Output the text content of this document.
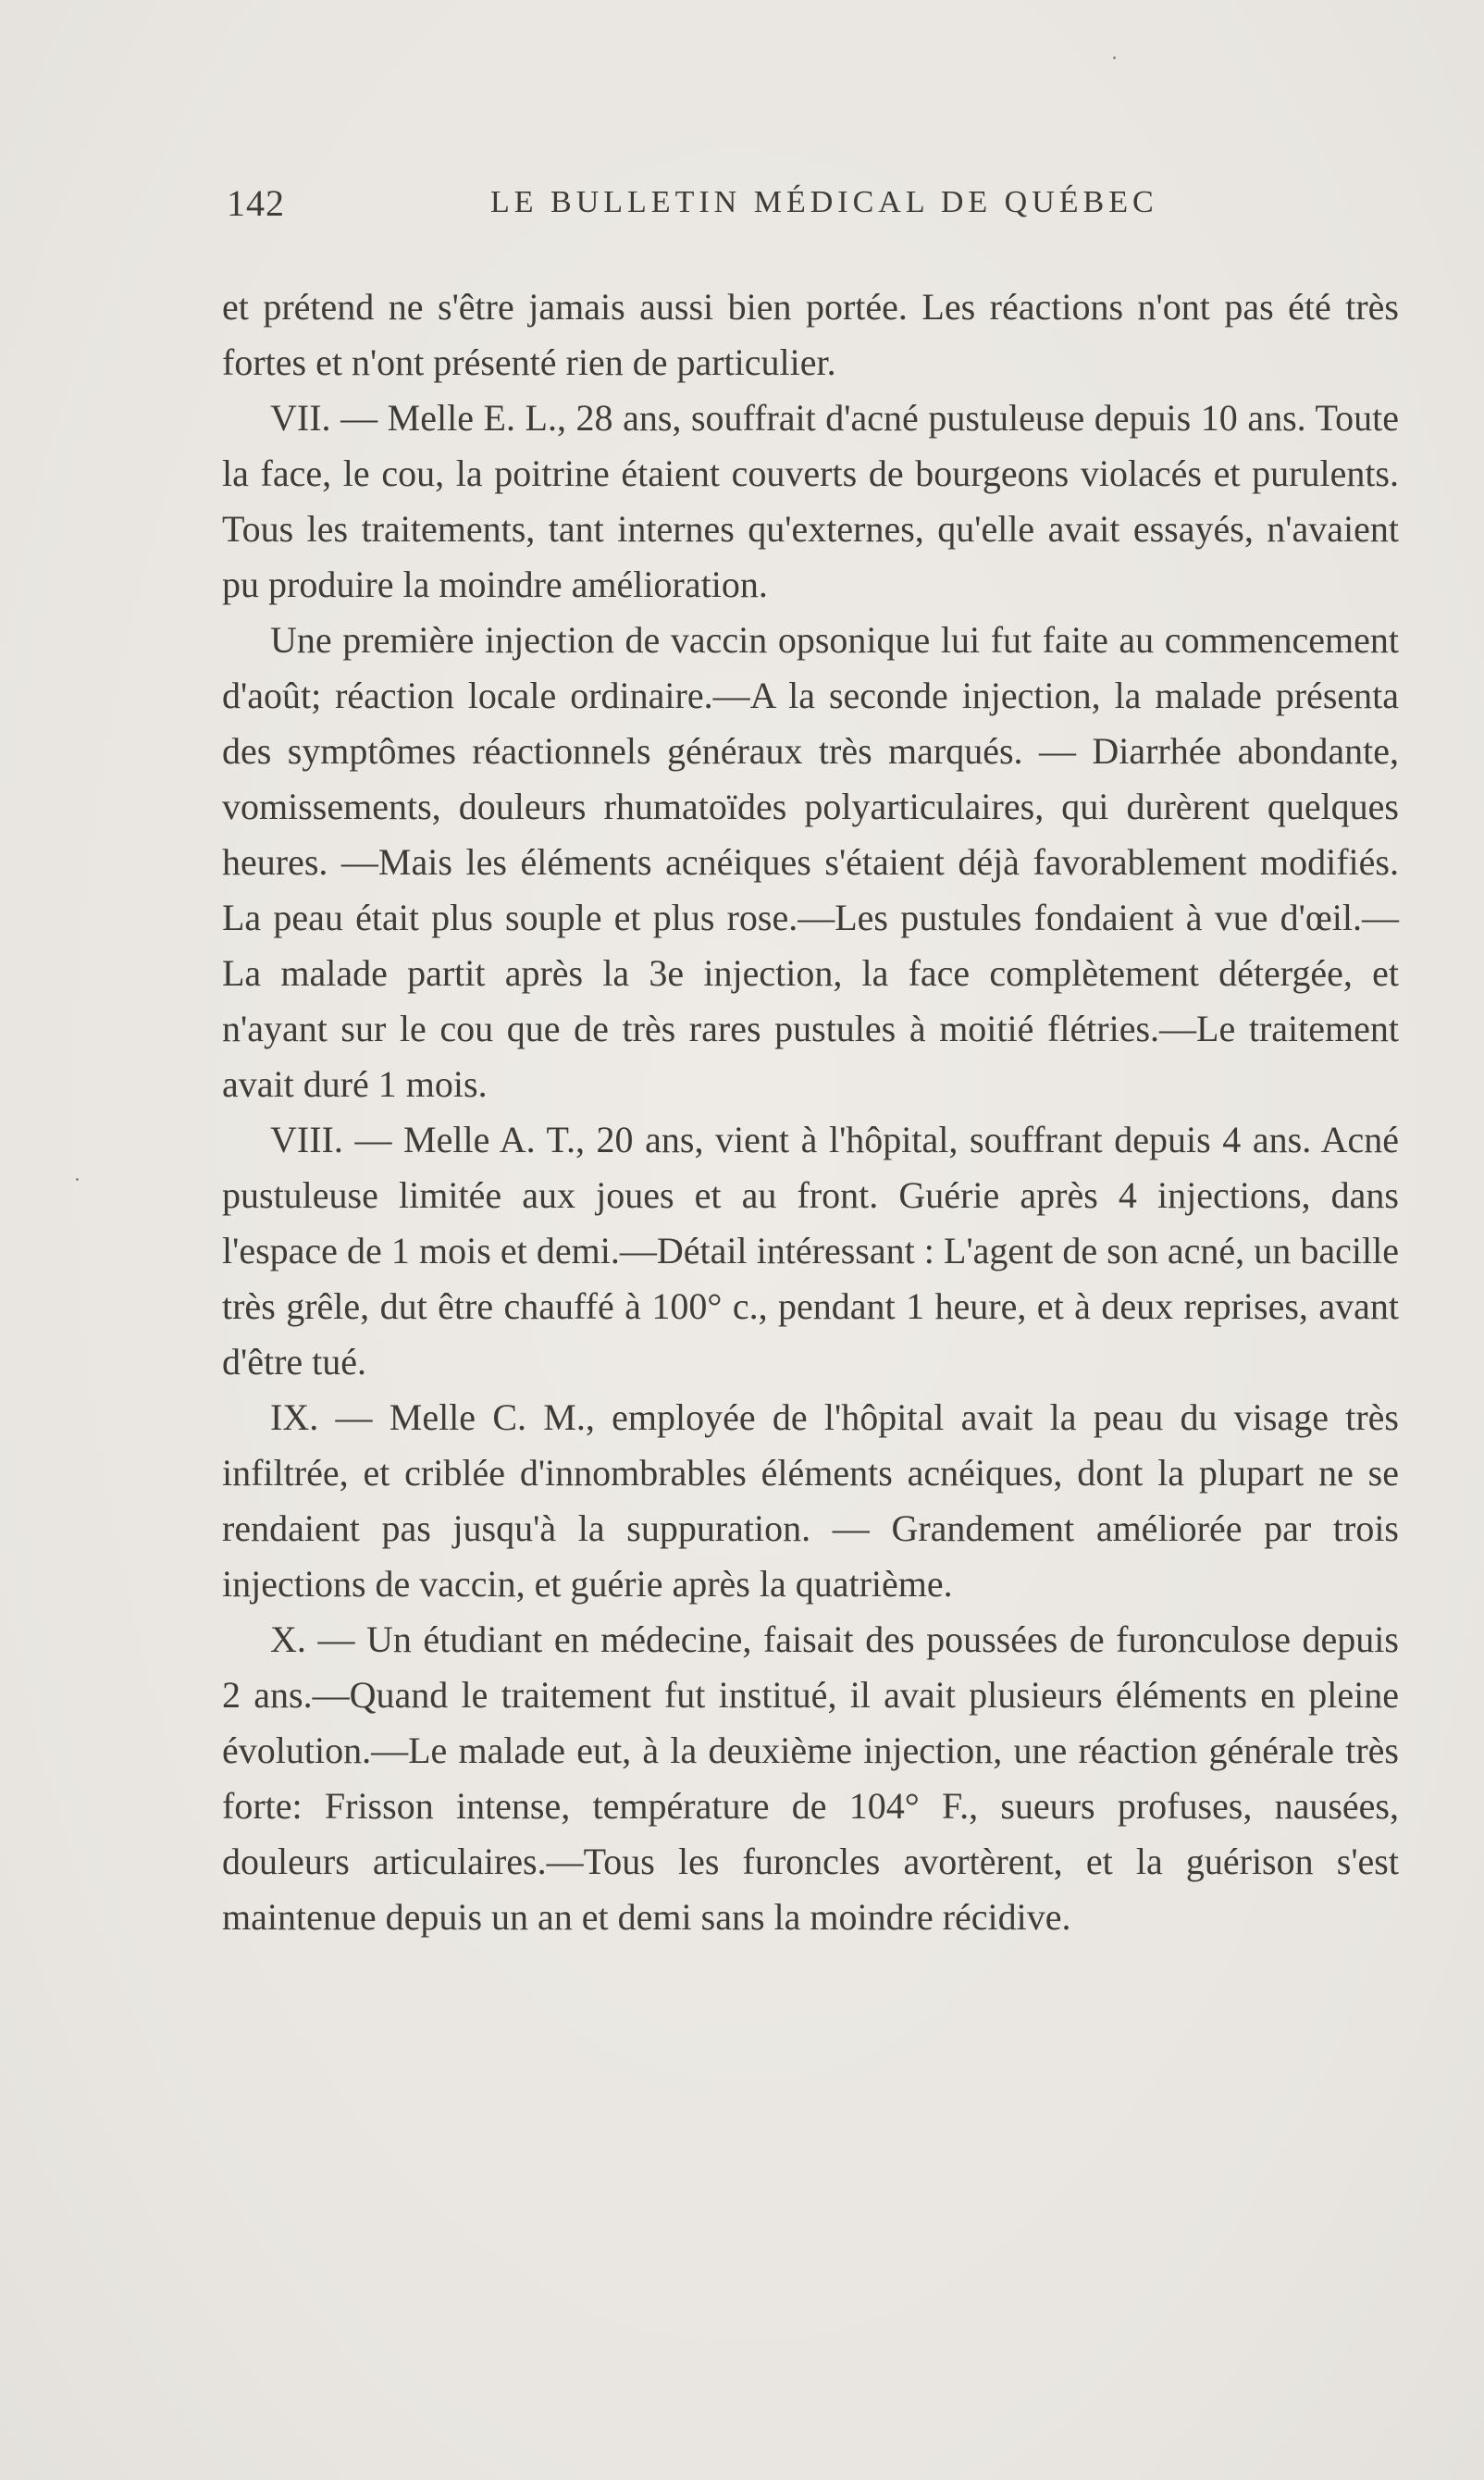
142	LE BULLETIN MÉDICAL DE QUÉBEC

et prétend ne s'être jamais aussi bien portée. Les réactions n'ont pas été très fortes et n'ont présenté rien de particulier.

VII. — Melle E. L., 28 ans, souffrait d'acné pustuleuse depuis 10 ans. Toute la face, le cou, la poitrine étaient couverts de bourgeons violacés et purulents. Tous les traitements, tant internes qu'externes, qu'elle avait essayés, n'avaient pu produire la moindre amélioration.

Une première injection de vaccin opsonique lui fut faite au commencement d'août; réaction locale ordinaire.—A la seconde injection, la malade présenta des symptômes réactionnels généraux très marqués. — Diarrhée abondante, vomissements, douleurs rhumatoïdes polyarticulaires, qui durèrent quelques heures. —Mais les éléments acnéiques s'étaient déjà favorablement modifiés. La peau était plus souple et plus rose.—Les pustules fondaient à vue d'œil.—La malade partit après la 3e injection, la face complètement détergée, et n'ayant sur le cou que de très rares pustules à moitié flétries.—Le traitement avait duré 1 mois.

VIII. — Melle A. T., 20 ans, vient à l'hôpital, souffrant depuis 4 ans. Acné pustuleuse limitée aux joues et au front. Guérie après 4 injections, dans l'espace de 1 mois et demi.—Détail intéressant : L'agent de son acné, un bacille très grêle, dut être chauffé à 100° c., pendant 1 heure, et à deux reprises, avant d'être tué.

IX. — Melle C. M., employée de l'hôpital avait la peau du visage très infiltrée, et criblée d'innombrables éléments acnéiques, dont la plupart ne se rendaient pas jusqu'à la suppuration. — Grandement améliorée par trois injections de vaccin, et guérie après la quatrième.

X. — Un étudiant en médecine, faisait des poussées de furonculose depuis 2 ans.—Quand le traitement fut institué, il avait plusieurs éléments en pleine évolution.—Le malade eut, à la deuxième injection, une réaction générale très forte: Frisson intense, température de 104° F., sueurs profuses, nausées, douleurs articulaires.—Tous les furoncles avortèrent, et la guérison s'est maintenue depuis un an et demi sans la moindre récidive.
